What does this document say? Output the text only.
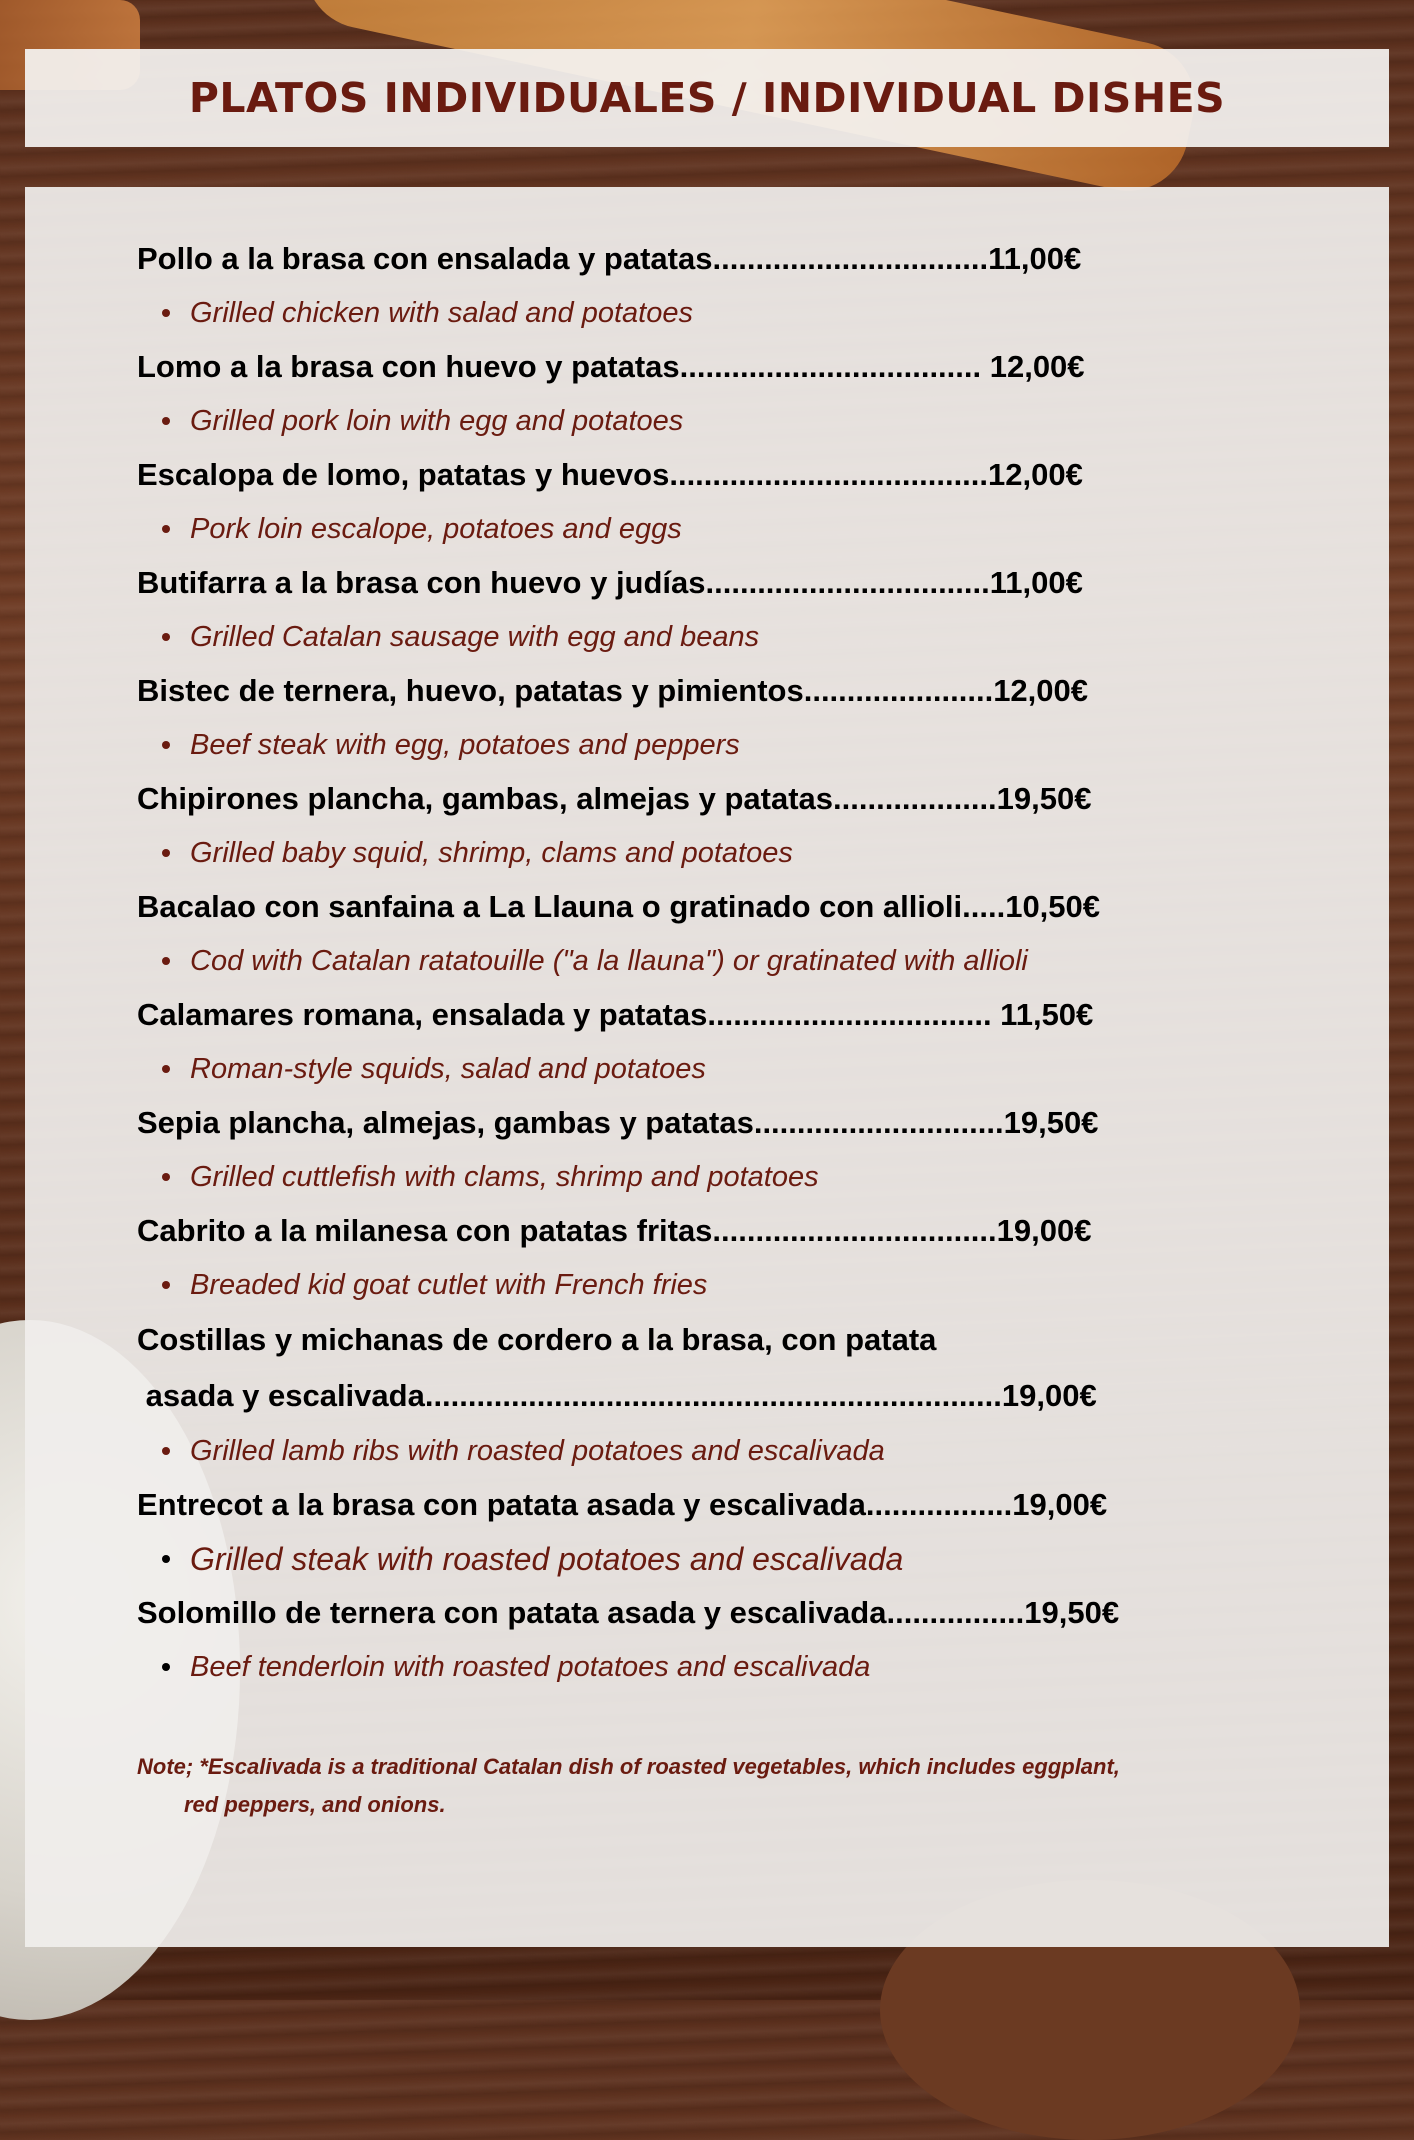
PLATOS INDIVIDUALES / INDIVIDUAL DISHES
Pollo a la brasa con ensalada y patatas................................11,00€
Grilled chicken with salad and potatoes
Lomo a la brasa con huevo y patatas................................... 12,00€
Grilled pork loin with egg and potatoes
Escalopa de lomo, patatas y huevos.....................................12,00€
Pork loin escalope, potatoes and eggs
Butifarra a la brasa con huevo y judías.................................11,00€
Grilled Catalan sausage with egg and beans
Bistec de ternera, huevo, patatas y pimientos......................12,00€
Beef steak with egg, potatoes and peppers
Chipirones plancha, gambas, almejas y patatas...................19,50€
Grilled baby squid, shrimp, clams and potatoes
Bacalao con sanfaina a La Llauna o gratinado con allioli.....10,50€
Cod with Catalan ratatouille ("a la llauna") or gratinated with allioli
Calamares romana, ensalada y patatas................................. 11,50€
Roman-style squids, salad and potatoes
Sepia plancha, almejas, gambas y patatas.............................19,50€
Grilled cuttlefish with clams, shrimp and potatoes
Cabrito a la milanesa con patatas fritas.................................19,00€
Breaded kid goat cutlet with French fries
Costillas y michanas de cordero a la brasa, con patata
asada y escalivada...................................................................19,00€
Grilled lamb ribs with roasted potatoes and escalivada
Entrecot a la brasa con patata asada y escalivada.................19,00€
Grilled steak with roasted potatoes and escalivada
Solomillo de ternera con patata asada y escalivada................19,50€
Beef tenderloin with roasted potatoes and escalivada
Note; *Escalivada is a traditional Catalan dish of roasted vegetables, which includes eggplant,
red peppers, and onions.
